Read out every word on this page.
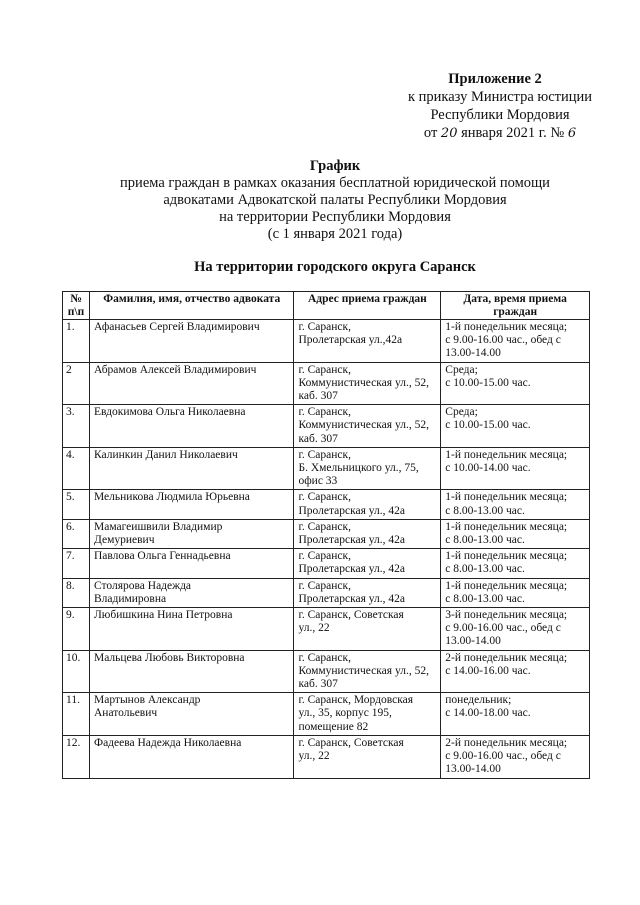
Приложение 2
к приказу Министра юстиции
Республики Мордовия
от 20 января 2021 г. № 6
График
приема граждан в рамках оказания бесплатной юридической помощи
адвокатами Адвокатской палаты Республики Мордовия
на территории Республики Мордовия
(с 1 января 2021 года)
На территории городского округа Саранск
№ п\п	Фамилия, имя, отчество адвоката	Адрес приема граждан	Дата, время приема граждан
1.	Афанасьев Сергей Владимирович	г. Саранск,
Пролетарская ул.,42а	1-й понедельник месяца;
с 9.00-16.00 час., обед с 13.00-14.00
2	Абрамов Алексей Владимирович	г. Саранск,
Коммунистическая ул., 52,
каб. 307	Среда;
с 10.00-15.00 час.
3.	Евдокимова Ольга Николаевна	г. Саранск,
Коммунистическая ул., 52,
каб. 307	Среда;
с 10.00-15.00 час.
4.	Калинкин Данил Николаевич	г. Саранск,
Б. Хмельницкого ул., 75,
офис 33	1-й понедельник месяца;
с 10.00-14.00 час.
5.	Мельникова Людмила Юрьевна	г. Саранск,
Пролетарская ул., 42а	1-й понедельник месяца;
с 8.00-13.00 час.
6.	Мамагеишвили Владимир
Демуриевич	г. Саранск,
Пролетарская ул., 42а	1-й понедельник месяца;
с 8.00-13.00 час.
7.	Павлова Ольга Геннадьевна	г. Саранск,
Пролетарская ул., 42а	1-й понедельник месяца;
с 8.00-13.00 час.
8.	Столярова Надежда
Владимировна	г. Саранск,
Пролетарская ул., 42а	1-й понедельник месяца;
с 8.00-13.00 час.
9.	Любишкина Нина Петровна	г. Саранск, Советская
ул., 22	3-й понедельник месяца;
с 9.00-16.00 час., обед с 13.00-14.00
10.	Мальцева Любовь Викторовна	г. Саранск,
Коммунистическая ул., 52,
каб. 307	2-й понедельник месяца;
с 14.00-16.00 час.
11.	Мартынов Александр
Анатольевич	г. Саранск, Мордовская
ул., 35, корпус 195,
помещение 82	понедельник;
с 14.00-18.00 час.
12.	Фадеева Надежда Николаевна	г. Саранск, Советская
ул., 22	2-й понедельник месяца;
с 9.00-16.00 час., обед с 13.00-14.00
